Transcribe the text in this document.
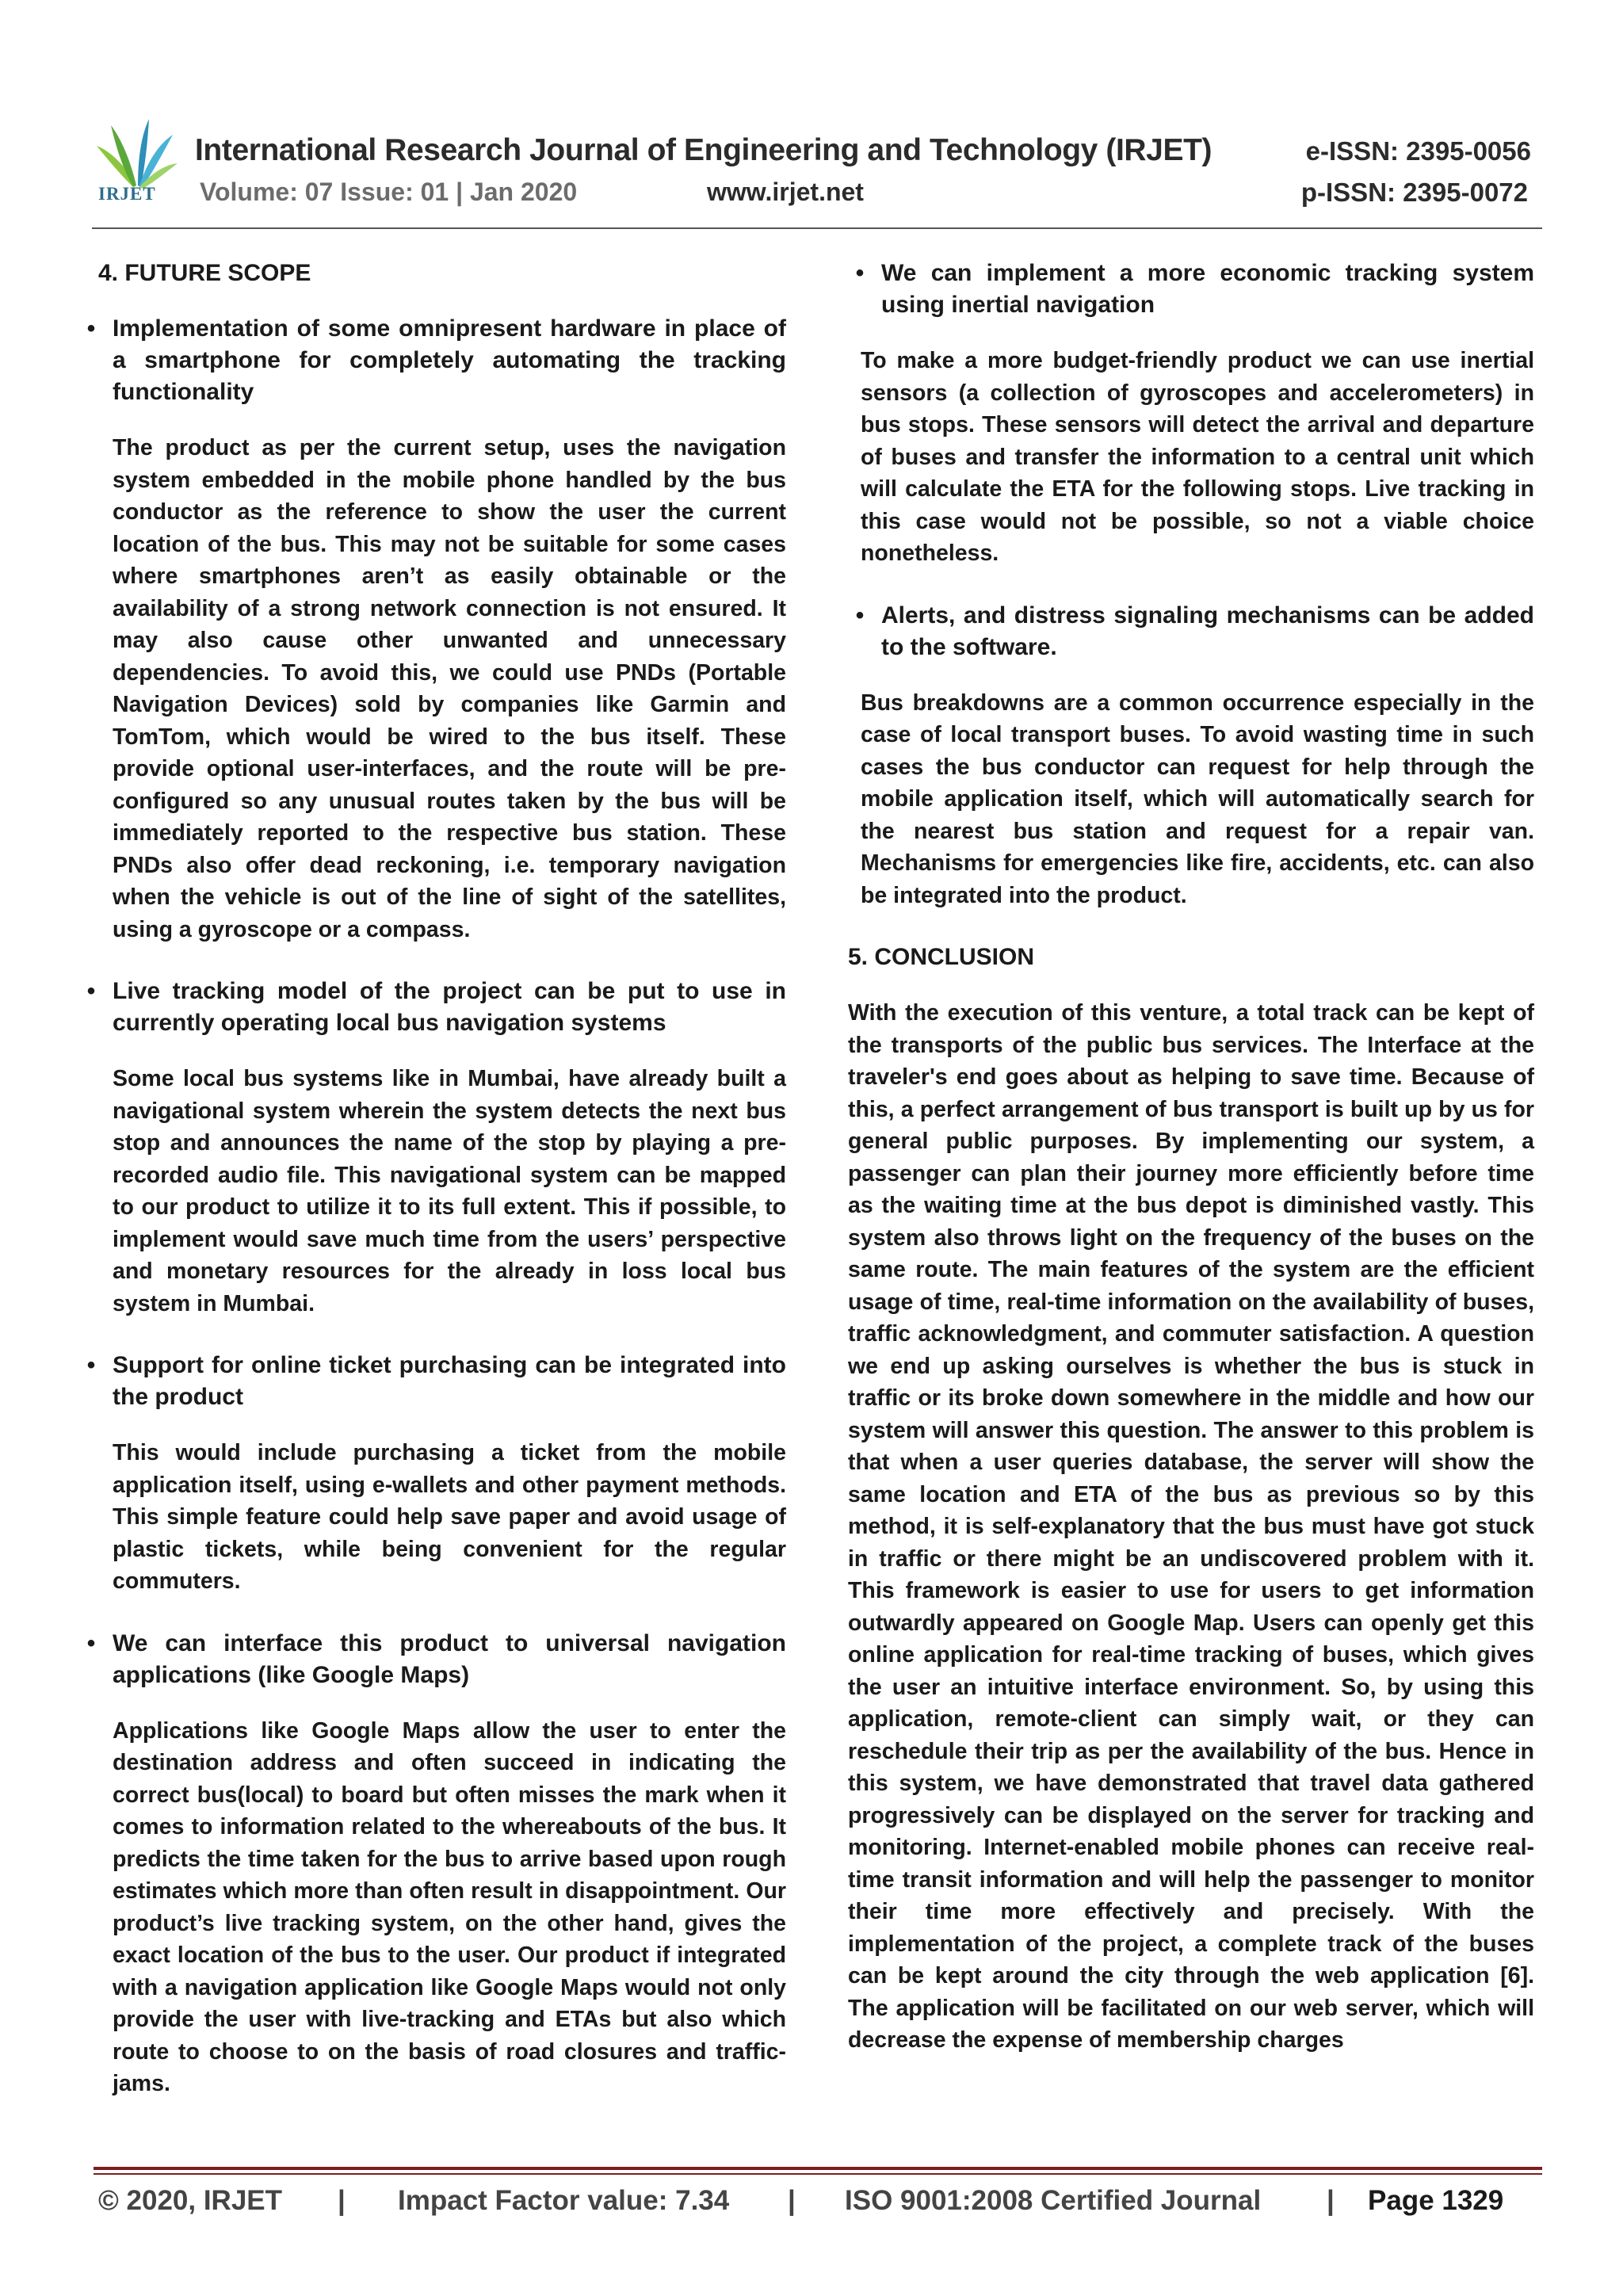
IRJET
International Research Journal of Engineering and Technology (IRJET)	e-ISSN: 2395-0056
Volume: 07 Issue: 01 | Jan 2020	www.irjet.net	p-ISSN: 2395-0072
4. FUTURE SCOPE
• Implementation of some omnipresent hardware in place of a smartphone for completely automating the tracking functionality

The product as per the current setup, uses the navigation system embedded in the mobile phone handled by the bus conductor as the reference to show the user the current location of the bus. This may not be suitable for some cases where smartphones aren’t as easily obtainable or the availability of a strong network connection is not ensured. It may also cause other unwanted and unnecessary dependencies. To avoid this, we could use PNDs (Portable Navigation Devices) sold by companies like Garmin and TomTom, which would be wired to the bus itself. These provide optional user-interfaces, and the route will be pre-configured so any unusual routes taken by the bus will be immediately reported to the respective bus station. These PNDs also offer dead reckoning, i.e. temporary navigation when the vehicle is out of the line of sight of the satellites, using a gyroscope or a compass.

• Live tracking model of the project can be put to use in currently operating local bus navigation systems

Some local bus systems like in Mumbai, have already built a navigational system wherein the system detects the next bus stop and announces the name of the stop by playing a pre-recorded audio file. This navigational system can be mapped to our product to utilize it to its full extent. This if possible, to implement would save much time from the users’ perspective and monetary resources for the already in loss local bus system in Mumbai.

• Support for online ticket purchasing can be integrated into the product

This would include purchasing a ticket from the mobile application itself, using e-wallets and other payment methods. This simple feature could help save paper and avoid usage of plastic tickets, while being convenient for the regular commuters.

• We can interface this product to universal navigation applications (like Google Maps)

Applications like Google Maps allow the user to enter the destination address and often succeed in indicating the correct bus(local) to board but often misses the mark when it comes to information related to the whereabouts of the bus. It predicts the time taken for the bus to arrive based upon rough estimates which more than often result in disappointment. Our product’s live tracking system, on the other hand, gives the exact location of the bus to the user. Our product if integrated with a navigation application like Google Maps would not only provide the user with live-tracking and ETAs but also which route to choose to on the basis of road closures and traffic-jams.

• We can implement a more economic tracking system using inertial navigation

To make a more budget-friendly product we can use inertial sensors (a collection of gyroscopes and accelerometers) in bus stops. These sensors will detect the arrival and departure of buses and transfer the information to a central unit which will calculate the ETA for the following stops. Live tracking in this case would not be possible, so not a viable choice nonetheless.

• Alerts, and distress signaling mechanisms can be added to the software.

Bus breakdowns are a common occurrence especially in the case of local transport buses. To avoid wasting time in such cases the bus conductor can request for help through the mobile application itself, which will automatically search for the nearest bus station and request for a repair van. Mechanisms for emergencies like fire, accidents, etc. can also be integrated into the product.

5. CONCLUSION

With the execution of this venture, a total track can be kept of the transports of the public bus services. The Interface at the traveler's end goes about as helping to save time. Because of this, a perfect arrangement of bus transport is built up by us for general public purposes. By implementing our system, a passenger can plan their journey more efficiently before time as the waiting time at the bus depot is diminished vastly. This system also throws light on the frequency of the buses on the same route. The main features of the system are the efficient usage of time, real-time information on the availability of buses, traffic acknowledgment, and commuter satisfaction. A question we end up asking ourselves is whether the bus is stuck in traffic or its broke down somewhere in the middle and how our system will answer this question. The answer to this problem is that when a user queries database, the server will show the same location and ETA of the bus as previous so by this method, it is self-explanatory that the bus must have got stuck in traffic or there might be an undiscovered problem with it. This framework is easier to use for users to get information outwardly appeared on Google Map. Users can openly get this online application for real-time tracking of buses, which gives the user an intuitive interface environment. So, by using this application, remote-client can simply wait, or they can reschedule their trip as per the availability of the bus. Hence in this system, we have demonstrated that travel data gathered progressively can be displayed on the server for tracking and monitoring. Internet-enabled mobile phones can receive real-time transit information and will help the passenger to monitor their time more effectively and precisely. With the implementation of the project, a complete track of the buses can be kept around the city through the web application [6]. The application will be facilitated on our web server, which will decrease the expense of membership charges

© 2020, IRJET | Impact Factor value: 7.34 | ISO 9001:2008 Certified Journal | Page 1329
